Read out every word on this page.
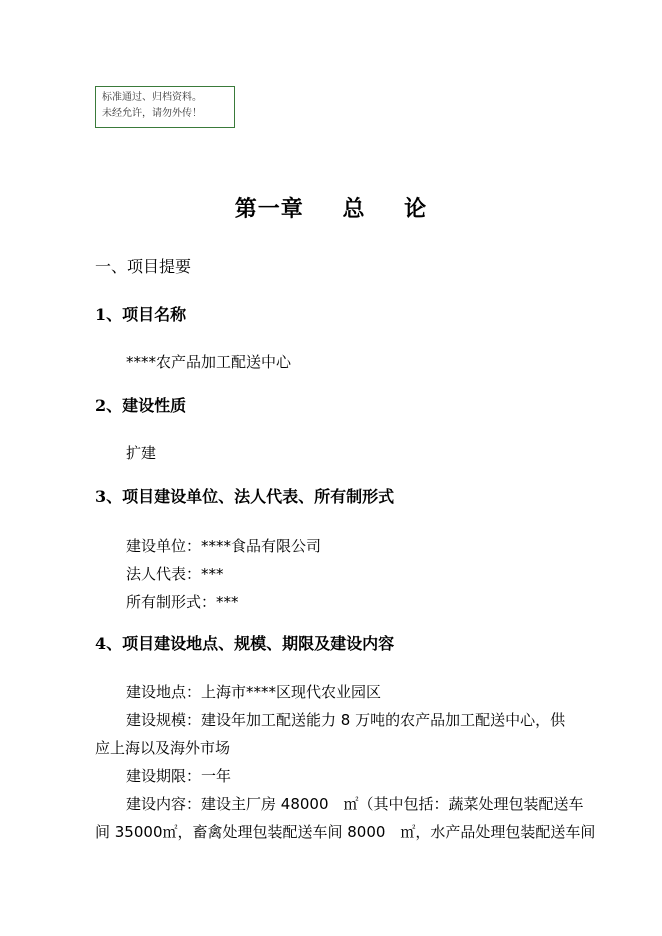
标准通过、归档资料。
未经允许，请勿外传！
第一章 总 论
一、项目提要
1、项目名称
****农产品加工配送中心
2、建设性质
扩建
3、项目建设单位、法人代表、所有制形式
建设单位：****食品有限公司
法人代表：***
所有制形式：***
4、项目建设地点、规模、期限及建设内容
建设地点：上海市****区现代农业园区
建设规模：建设年加工配送能力 8 万吨的农产品加工配送中心，供
应上海以及海外市场
建设期限：一年
建设内容：建设主厂房 48000　㎡（其中包括：蔬菜处理包装配送车
间 35000㎡，畜禽处理包装配送车间 8000　㎡，水产品处理包装配送车间
